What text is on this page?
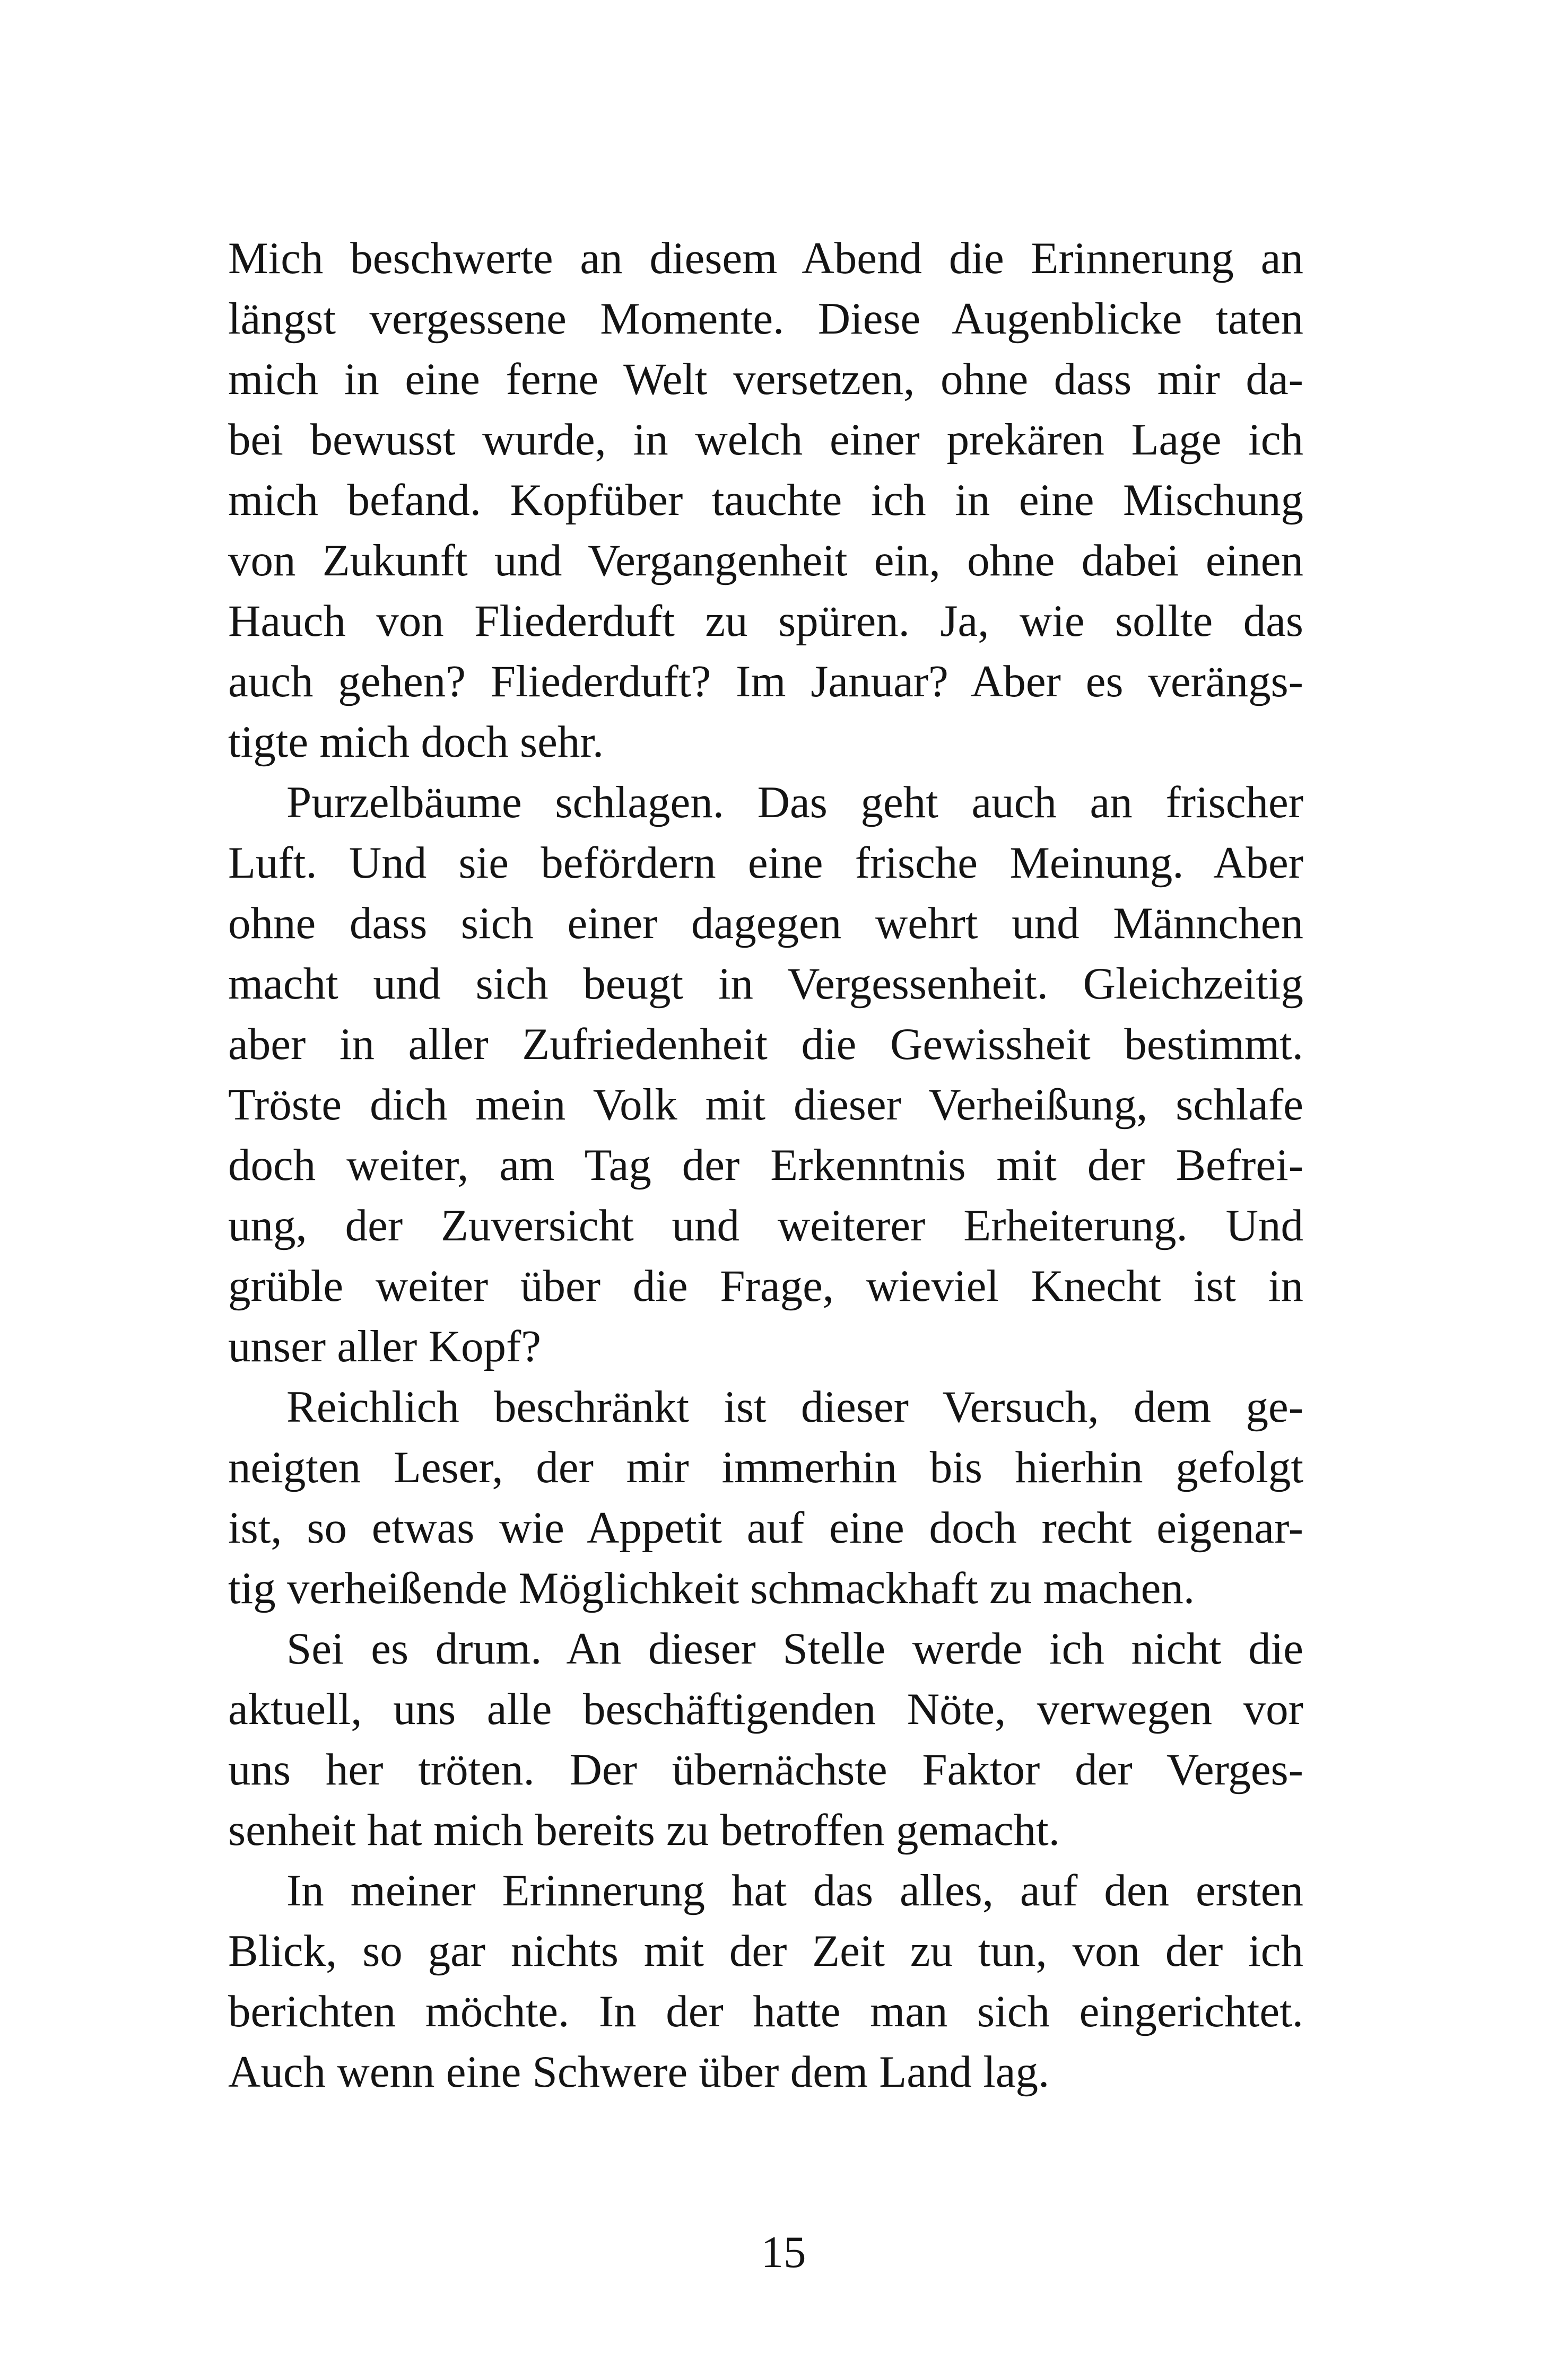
Mich beschwerte an diesem Abend die Erinnerung an
längst vergessene Momente. Diese Augenblicke taten
mich in eine ferne Welt versetzen, ohne dass mir da-
bei bewusst wurde, in welch einer prekären Lage ich
mich befand. Kopfüber tauchte ich in eine Mischung
von Zukunft und Vergangenheit ein, ohne dabei einen
Hauch von Fliederduft zu spüren. Ja, wie sollte das
auch gehen? Fliederduft? Im Januar? Aber es verängs-
tigte mich doch sehr.
Purzelbäume schlagen. Das geht auch an frischer
Luft. Und sie befördern eine frische Meinung. Aber
ohne dass sich einer dagegen wehrt und Männchen
macht und sich beugt in Vergessenheit. Gleichzeitig
aber in aller Zufriedenheit die Gewissheit bestimmt.
Tröste dich mein Volk mit dieser Verheißung, schlafe
doch weiter, am Tag der Erkenntnis mit der Befrei-
ung, der Zuversicht und weiterer Erheiterung. Und
grüble weiter über die Frage, wieviel Knecht ist in
unser aller Kopf?
Reichlich beschränkt ist dieser Versuch, dem ge-
neigten Leser, der mir immerhin bis hierhin gefolgt
ist, so etwas wie Appetit auf eine doch recht eigenar-
tig verheißende Möglichkeit schmackhaft zu machen.
Sei es drum. An dieser Stelle werde ich nicht die
aktuell, uns alle beschäftigenden Nöte, verwegen vor
uns her tröten. Der übernächste Faktor der Verges-
senheit hat mich bereits zu betroffen gemacht.
In meiner Erinnerung hat das alles, auf den ersten
Blick, so gar nichts mit der Zeit zu tun, von der ich
berichten möchte. In der hatte man sich eingerichtet.
Auch wenn eine Schwere über dem Land lag.
15
